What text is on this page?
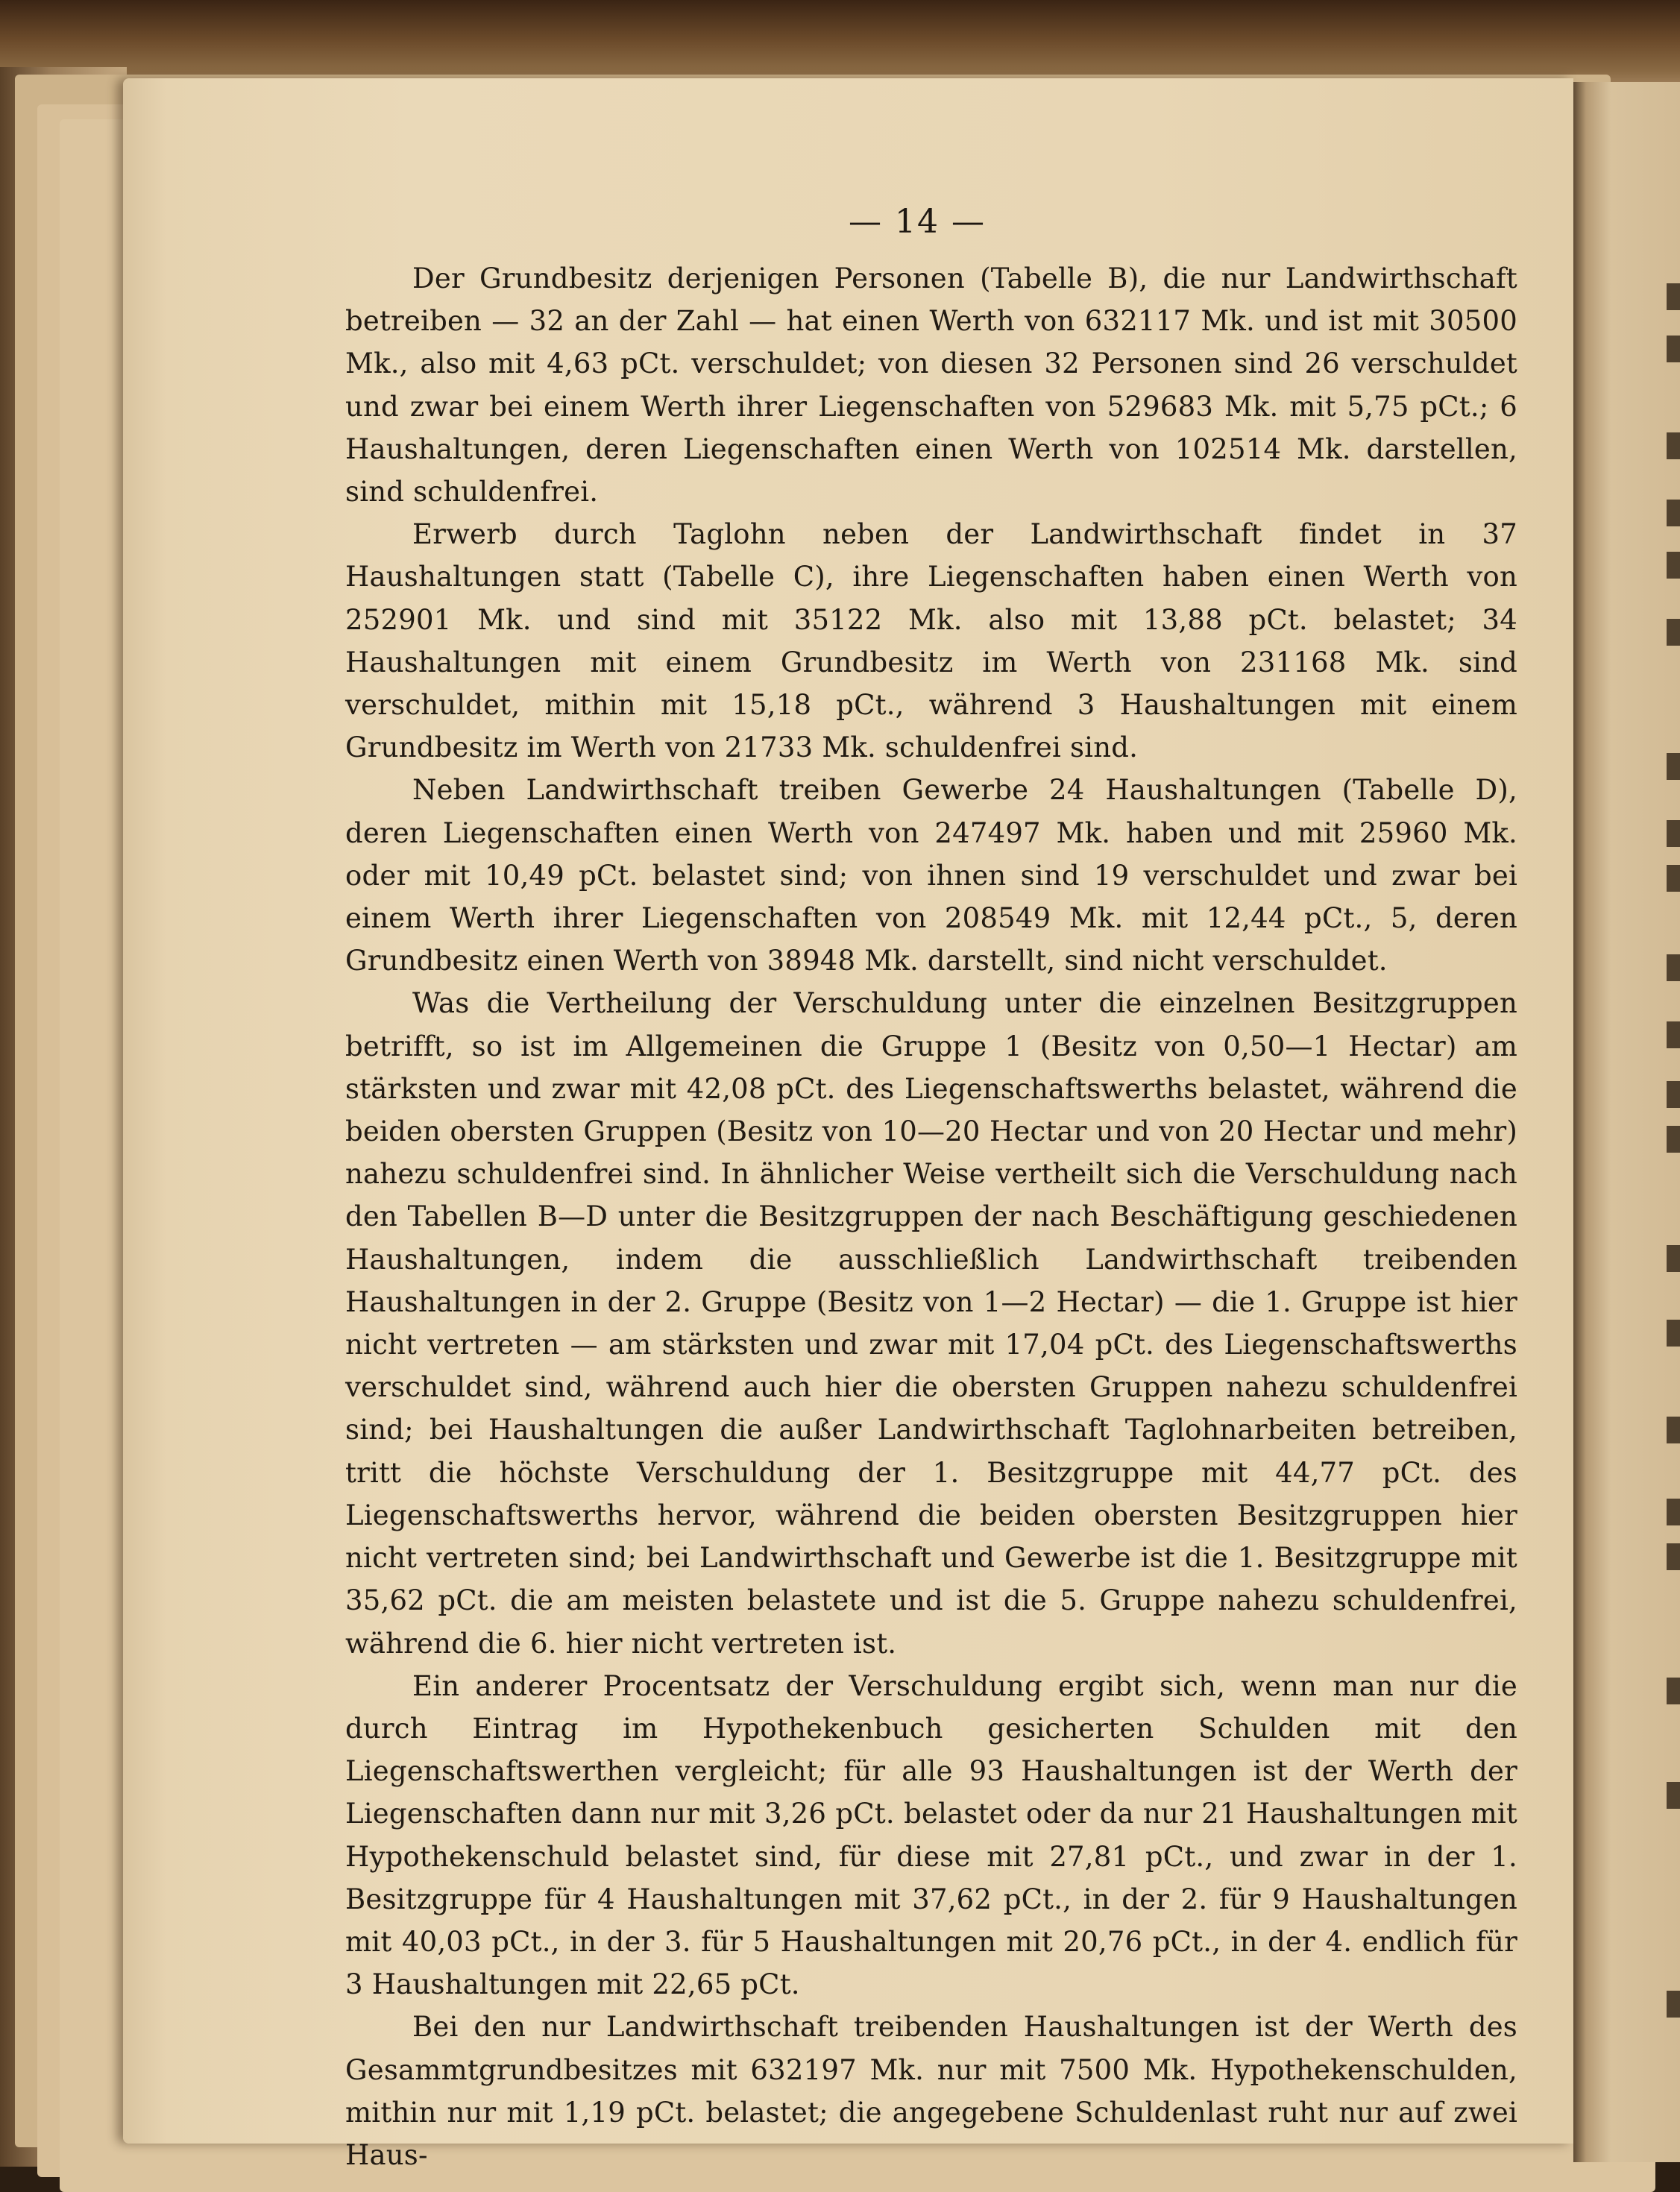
— 14 —

Der Grundbesitz derjenigen Personen (Tabelle B), die nur Landwirthschaft betreiben — 32 an der Zahl — hat einen Werth von 632117 Mk. und ist mit 30500 Mk., also mit 4,63 pCt. verschuldet; von diesen 32 Personen sind 26 verschuldet und zwar bei einem Werth ihrer Liegenschaften von 529683 Mk. mit 5,75 pCt.; 6 Haushaltungen, deren Liegenschaften einen Werth von 102514 Mk. darstellen, sind schuldenfrei.

Erwerb durch Taglohn neben der Landwirthschaft findet in 37 Haushaltungen statt (Tabelle C), ihre Liegenschaften haben einen Werth von 252901 Mk. und sind mit 35122 Mk. also mit 13,88 pCt. belastet; 34 Haushaltungen mit einem Grundbesitz im Werth von 231168 Mk. sind verschuldet, mithin mit 15,18 pCt., während 3 Haushaltungen mit einem Grundbesitz im Werth von 21733 Mk. schuldenfrei sind.

Neben Landwirthschaft treiben Gewerbe 24 Haushaltungen (Tabelle D), deren Liegenschaften einen Werth von 247497 Mk. haben und mit 25960 Mk. oder mit 10,49 pCt. belastet sind; von ihnen sind 19 verschuldet und zwar bei einem Werth ihrer Liegenschaften von 208549 Mk. mit 12,44 pCt., 5, deren Grundbesitz einen Werth von 38948 Mk. darstellt, sind nicht verschuldet.

Was die Vertheilung der Verschuldung unter die einzelnen Besitzgruppen betrifft, so ist im Allgemeinen die Gruppe 1 (Besitz von 0,50—1 Hectar) am stärksten und zwar mit 42,08 pCt. des Liegenschaftswerths belastet, während die beiden obersten Gruppen (Besitz von 10—20 Hectar und von 20 Hectar und mehr) nahezu schuldenfrei sind. In ähnlicher Weise vertheilt sich die Verschuldung nach den Tabellen B—D unter die Besitzgruppen der nach Beschäftigung geschiedenen Haushaltungen, indem die ausschließlich Landwirthschaft treibenden Haushaltungen in der 2. Gruppe (Besitz von 1—2 Hectar) — die 1. Gruppe ist hier nicht vertreten — am stärksten und zwar mit 17,04 pCt. des Liegenschaftswerths verschuldet sind, während auch hier die obersten Gruppen nahezu schuldenfrei sind; bei Haushaltungen die außer Landwirthschaft Taglohnarbeiten betreiben, tritt die höchste Verschuldung der 1. Besitzgruppe mit 44,77 pCt. des Liegenschaftswerths hervor, während die beiden obersten Besitzgruppen hier nicht vertreten sind; bei Landwirthschaft und Gewerbe ist die 1. Besitzgruppe mit 35,62 pCt. die am meisten belastete und ist die 5. Gruppe nahezu schuldenfrei, während die 6. hier nicht vertreten ist.

Ein anderer Procentsatz der Verschuldung ergibt sich, wenn man nur die durch Eintrag im Hypothekenbuch gesicherten Schulden mit den Liegenschaftswerthen vergleicht; für alle 93 Haushaltungen ist der Werth der Liegenschaften dann nur mit 3,26 pCt. belastet oder da nur 21 Haushaltungen mit Hypothekenschuld belastet sind, für diese mit 27,81 pCt., und zwar in der 1. Besitzgruppe für 4 Haushaltungen mit 37,62 pCt., in der 2. für 9 Haushaltungen mit 40,03 pCt., in der 3. für 5 Haushaltungen mit 20,76 pCt., in der 4. endlich für 3 Haushaltungen mit 22,65 pCt.

Bei den nur Landwirthschaft treibenden Haushaltungen ist der Werth des Gesammtgrundbesitzes mit 632197 Mk. nur mit 7500 Mk. Hypothekenschulden, mithin nur mit 1,19 pCt. belastet; die angegebene Schuldenlast ruht nur auf zwei Haus-
